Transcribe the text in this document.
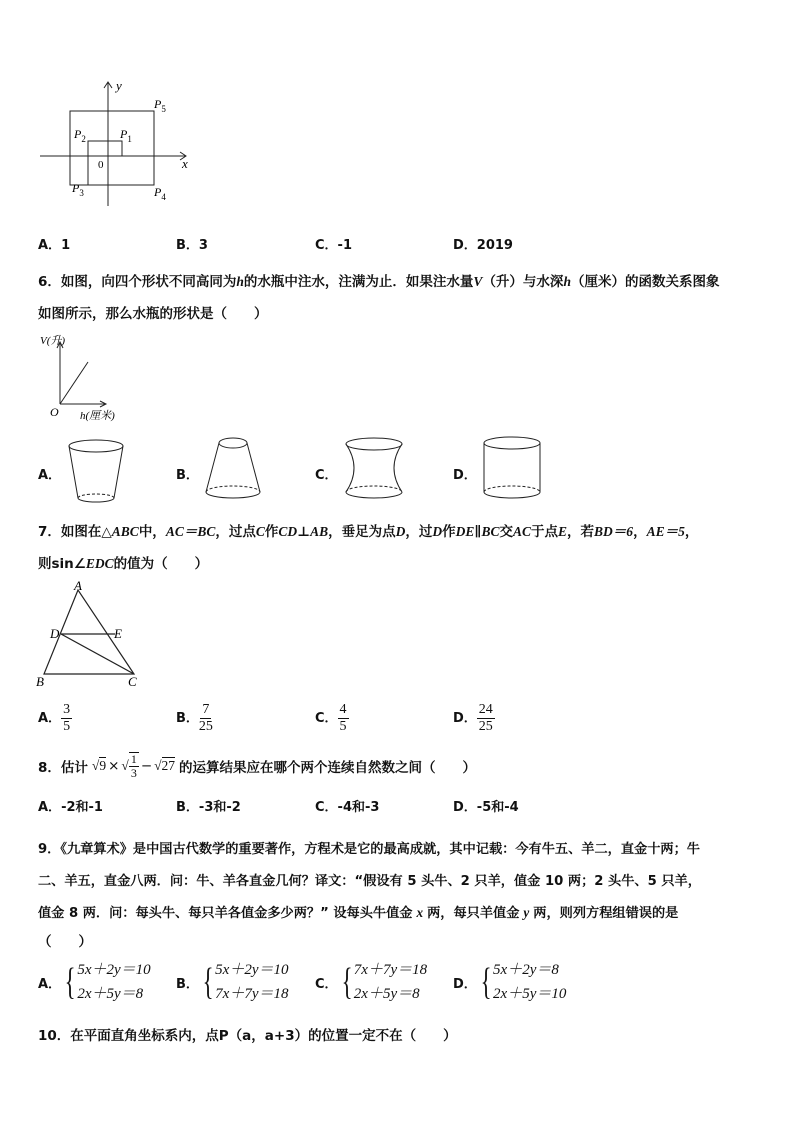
y
x
0
$P_5$
$P_1$
$P_2$
$P_3$	$P_4$
A．1	B．3	C．-1	D．2019
6．如图，向四个形状不同高同为h的水瓶中注水，注满为止．如果注水量V（升）与水深h（厘米）的函数关系图象
如图所示，那么水瓶的形状是（　　）
V(升)
h(厘米)
O
A．	B．	C．	D．
7．如图在△ABC中，AC＝BC，过点C作CD⊥AB，垂足为点D，过D作DE∥BC交AC于点E，若BD＝6，AE＝5，
则sin∠EDC的值为（　　）
A
B	C
D	E
A． $\frac{3}{5}$	B． $\frac{7}{25}$	C． $\frac{4}{5}$	D． $\frac{24}{25}$
8．估计 √9 × √ $\frac{1}{3} - √27$ 的运算结果应在哪个两个连续自然数之间（　　）
A．-2和-1	B．-3和-2	C．-4和-3	D．-5和-4
9．《九章算术》是中国古代数学的重要著作，方程术是它的最高成就，其中记载：今有牛五、羊二，直金十两；牛
二、羊五，直金八两．问：牛、羊各直金几何？译文：“假设有 5 头牛、2 只羊，值金 10 两；2 头牛、5 只羊，
值金 8 两．问：每头牛、每只羊各值金多少两？” 设每头牛值金 x 两，每只羊值金 y 两，则列方程组错误的是
（　　）
A． { 5x＋2y＝10
2x＋5y＝8
B． { 5x＋2y＝10
7x＋7y＝18
C． { 7x＋7y＝18
2x＋5y＝8
D． { 5x＋2y＝8
2x＋5y＝10
10．在平面直角坐标系内，点P（a，a+3）的位置一定不在（　　）
